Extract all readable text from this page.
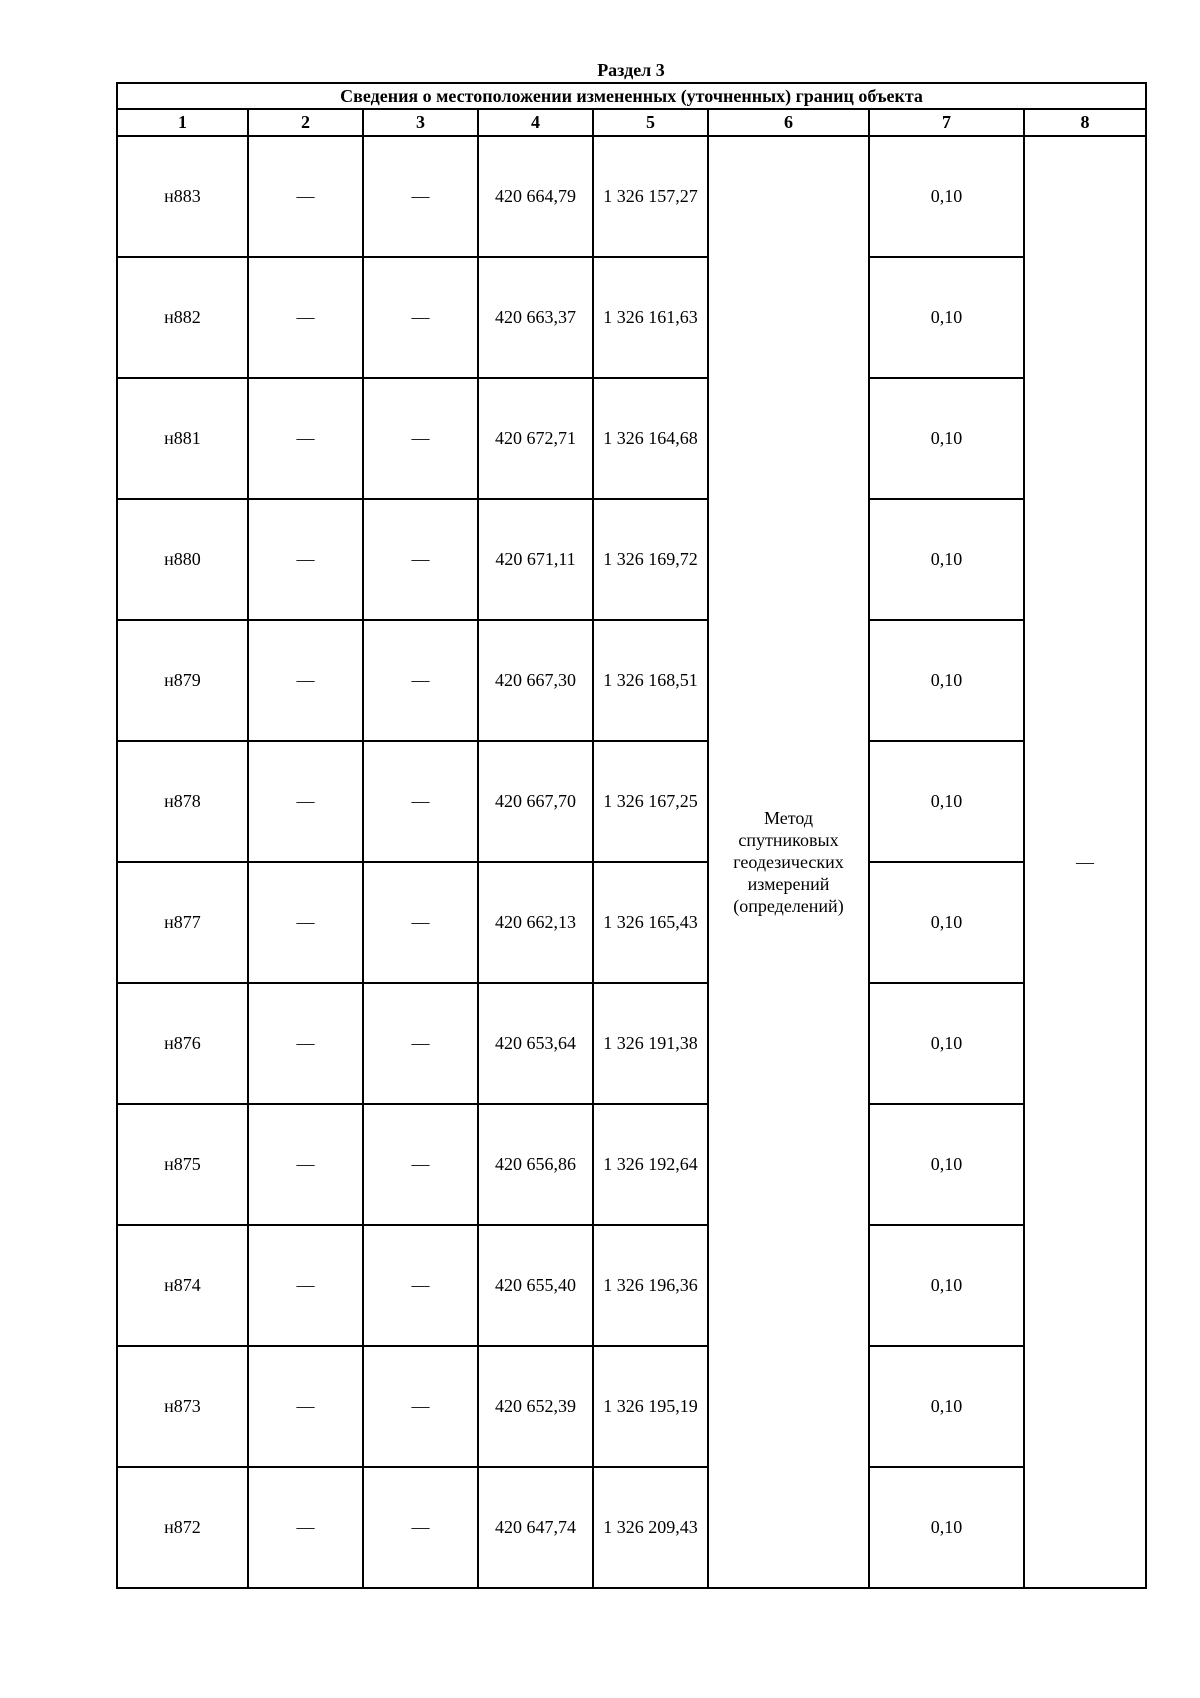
Раздел 3
Сведения о местоположении измененных (уточненных) границ объекта							
1	2	3	4	5	6	7	8
н883	—	—	420 664,79	1 326 157,27	Метод
спутниковых
геодезических
измерений
(определений)	0,10	—
н882	—	—	420 663,37	1 326 161,63		0,10	
н881	—	—	420 672,71	1 326 164,68		0,10	
н880	—	—	420 671,11	1 326 169,72		0,10	
н879	—	—	420 667,30	1 326 168,51		0,10	
н878	—	—	420 667,70	1 326 167,25		0,10	
н877	—	—	420 662,13	1 326 165,43		0,10	
н876	—	—	420 653,64	1 326 191,38		0,10	
н875	—	—	420 656,86	1 326 192,64		0,10	
н874	—	—	420 655,40	1 326 196,36		0,10	
н873	—	—	420 652,39	1 326 195,19		0,10	
н872	—	—	420 647,74	1 326 209,43		0,10	
